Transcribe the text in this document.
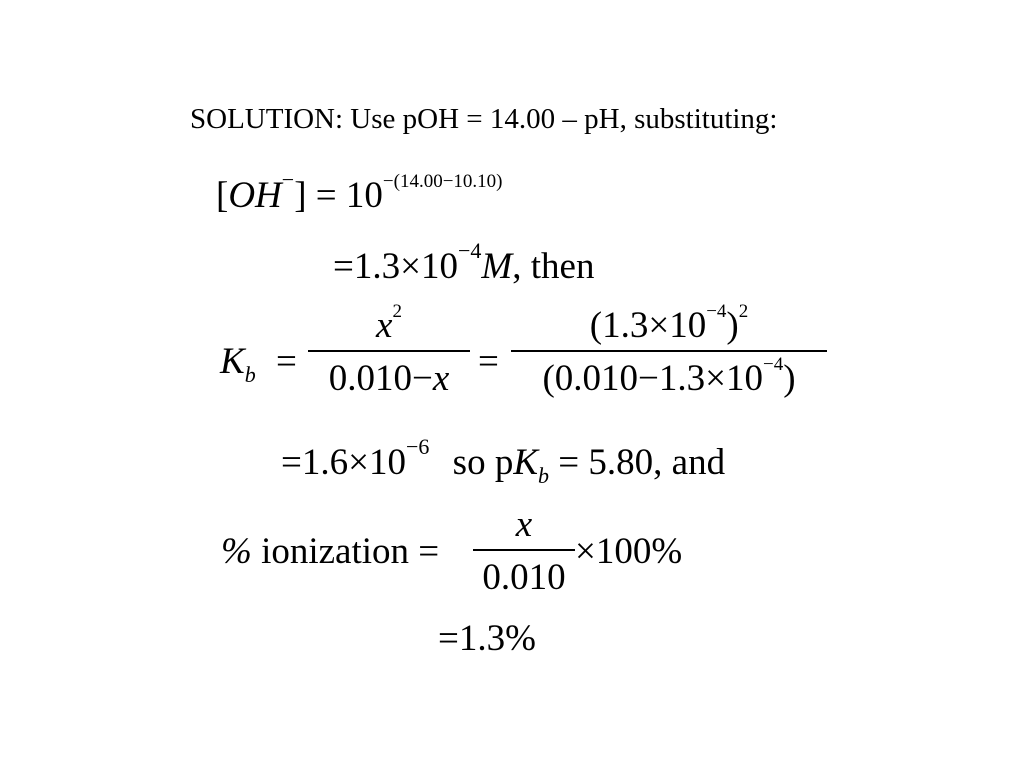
SOLUTION: Use pOH = 14.00 – pH, substituting:
$[OH^-] = 10^{-(14.00-10.10)}$
$=1.3\times 10^{-4}M$, then
$K_b$ =
$x^2$
0.010−x =
$(1.3\times 10^{-4})^2$
$(0.010-1.3\times 10^{-4})$
$=1.6\times 10^{-6}$ so $pK_b = 5.80$, and
% ionization =
x
0.010
×100%
=1.3%
